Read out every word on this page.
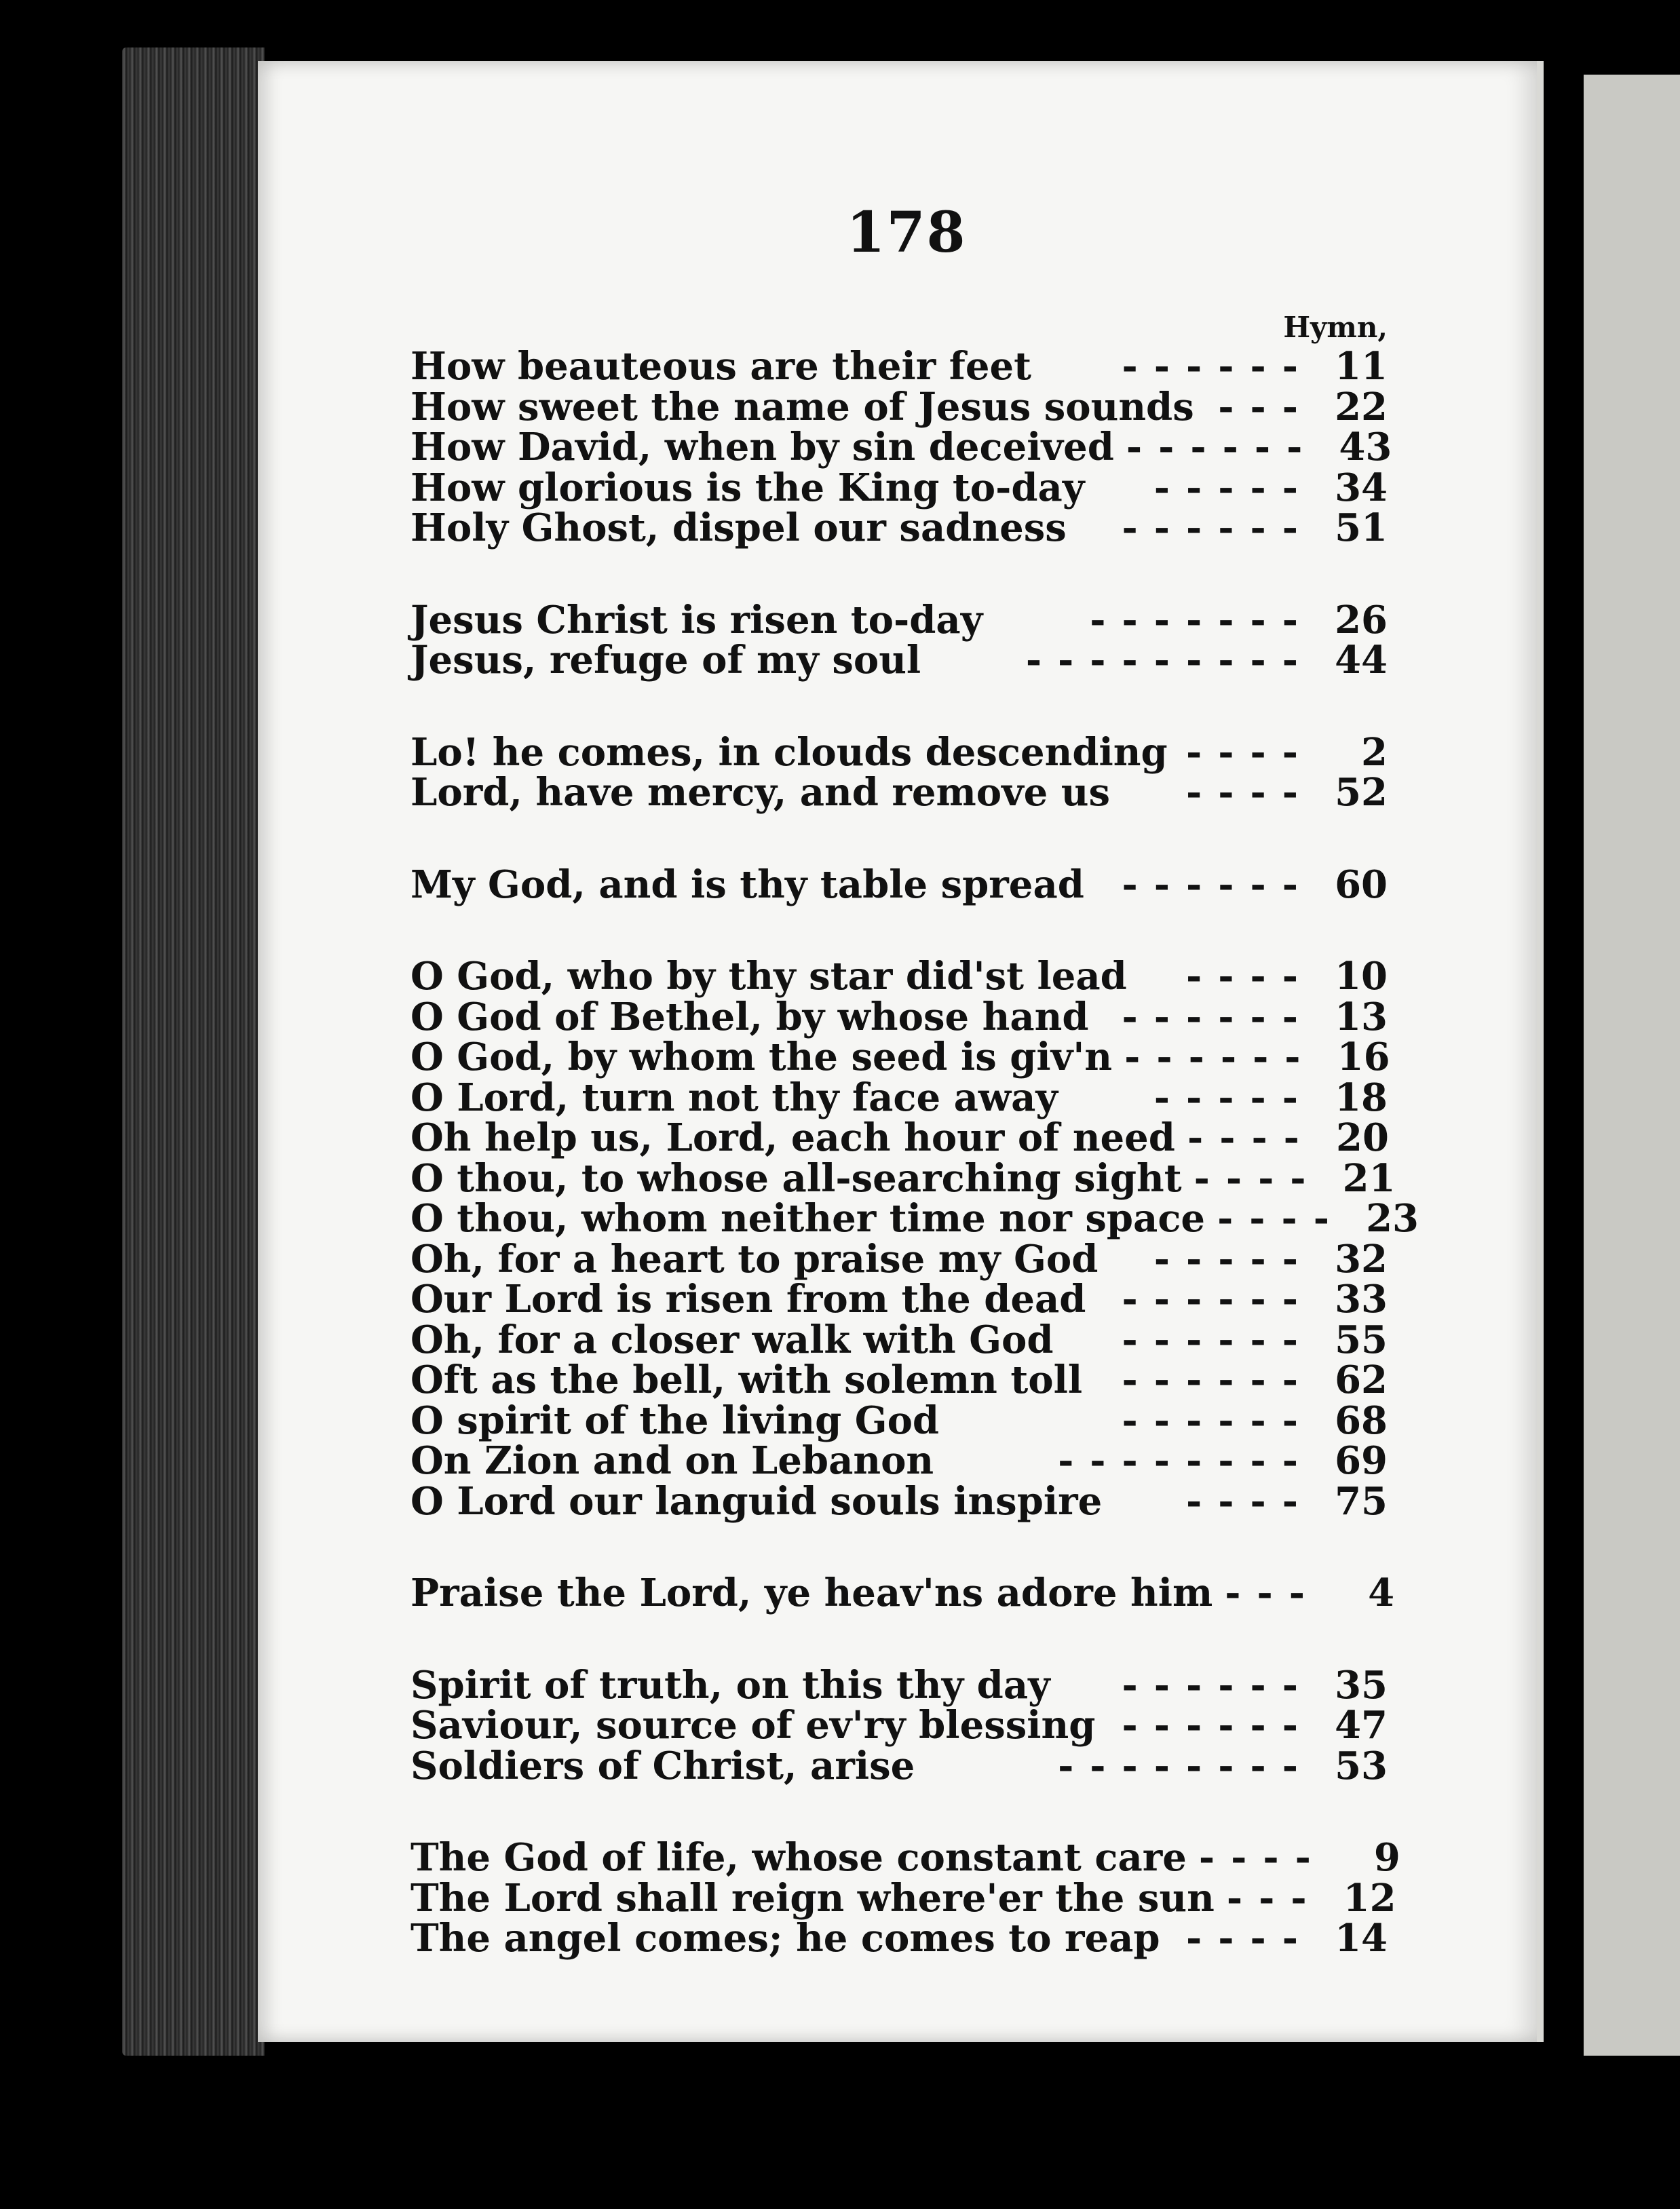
178
Hymn,
How beauteous are their feet	------ 11
How sweet the name of Jesus sounds --- 22
How David, when by sin deceived ------ 43
How glorious is the King to-day	----- 34
Holy Ghost, dispel our sadness	------ 51
Jesus Christ is risen to-day	------- 26
Jesus, refuge of my soul	--------- 44
Lo! he comes, in clouds descending ----	2
Lord, have mercy, and remove us	---- 52
My God, and is thy table spread ------ 60
O God, who by thy star did'st lead	---- 10
O God of Bethel, by whose hand ------ 13
O God, by whom the seed is giv'n ------ 16
O Lord, turn not thy face away	----- 18
Oh help us, Lord, each hour of need ---- 20
O thou, to whose all-searching sight ---- 21
O thou, whom neither time nor space ---- 23
Oh, for a heart to praise my God	----- 32
Our Lord is risen from the dead ------ 33
Oh, for a closer walk with God	------ 55
Oft as the bell, with solemn toll	------ 62
O spirit of the living God	------ 68
On Zion and on Lebanon	-------- 69
O Lord our languid souls inspire	---- 75
Praise the Lord, ye heav'ns adore him ---	4
Spirit of truth, on this thy day	------ 35
Saviour, source of ev'ry blessing ------ 47
Soldiers of Christ, arise	-------- 53
The God of life, whose constant care ----	9
The Lord shall reign where'er the sun --- 12
The angel comes; he comes to reap ---- 14
